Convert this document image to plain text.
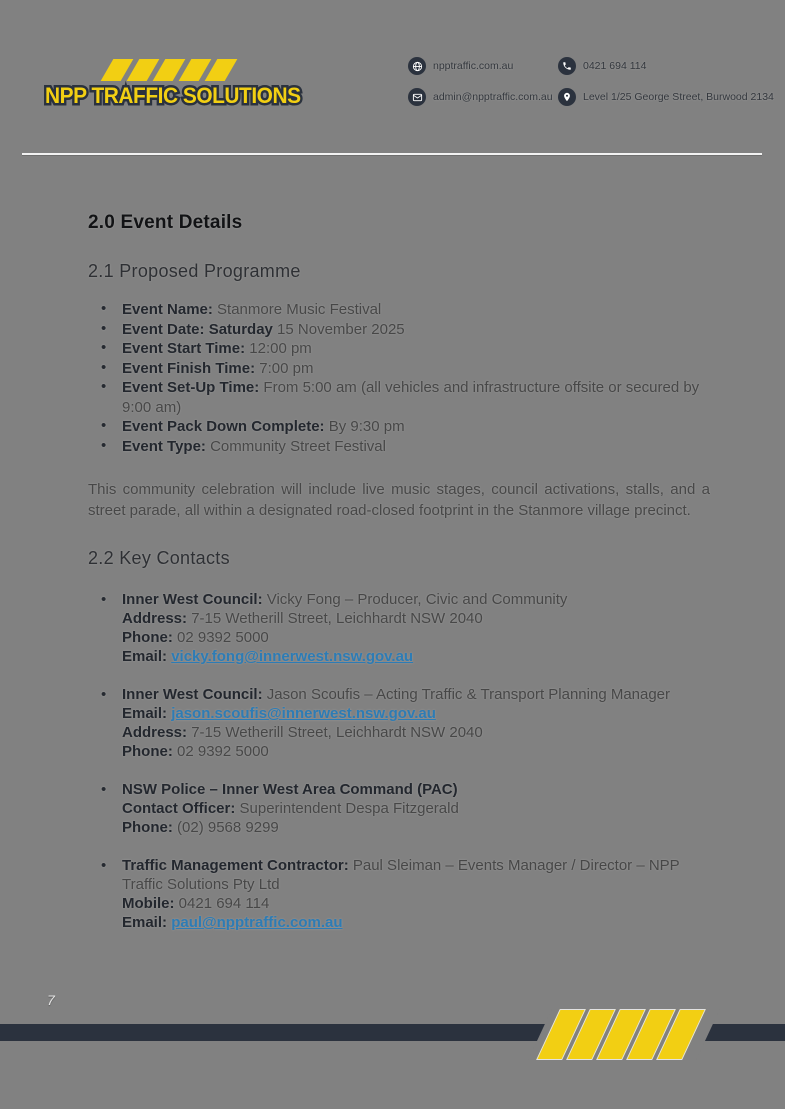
NPP TRAFFIC SOLUTIONS NPP TRAFFIC SOLUTIONS
npptraffic.com.au	0421 694 114
admin@npptraffic.com.au	Level 1/25 George Street, Burwood 2134
2.0 Event Details
2.1 Proposed Programme
• Event Name: Stanmore Music Festival
• Event Date: Saturday 15 November 2025
• Event Start Time: 12:00 pm
• Event Finish Time: 7:00 pm
• Event Set-Up Time: From 5:00 am (all vehicles and infrastructure offsite or secured by 9:00 am)
• Event Pack Down Complete: By 9:30 pm
• Event Type: Community Street Festival

This community celebration will include live music stages, council activations, stalls, and a street parade, all within a designated road-closed footprint in the Stanmore village precinct.

2.2 Key Contacts
• Inner West Council: Vicky Fong – Producer, Civic and Community
Address: 7-15 Wetherill Street, Leichhardt NSW 2040
Phone: 02 9392 5000
Email: vicky.fong@innerwest.nsw.gov.au
• Inner West Council: Jason Scoufis – Acting Traffic & Transport Planning Manager
Email: jason.scoufis@innerwest.nsw.gov.au
Address: 7-15 Wetherill Street, Leichhardt NSW 2040
Phone: 02 9392 5000
• NSW Police – Inner West Area Command (PAC)
Contact Officer: Superintendent Despa Fitzgerald
Phone: (02) 9568 9299
• Traffic Management Contractor: Paul Sleiman – Events Manager / Director – NPP Traffic Solutions Pty Ltd
Mobile: 0421 694 114
Email: paul@npptraffic.com.au
7
